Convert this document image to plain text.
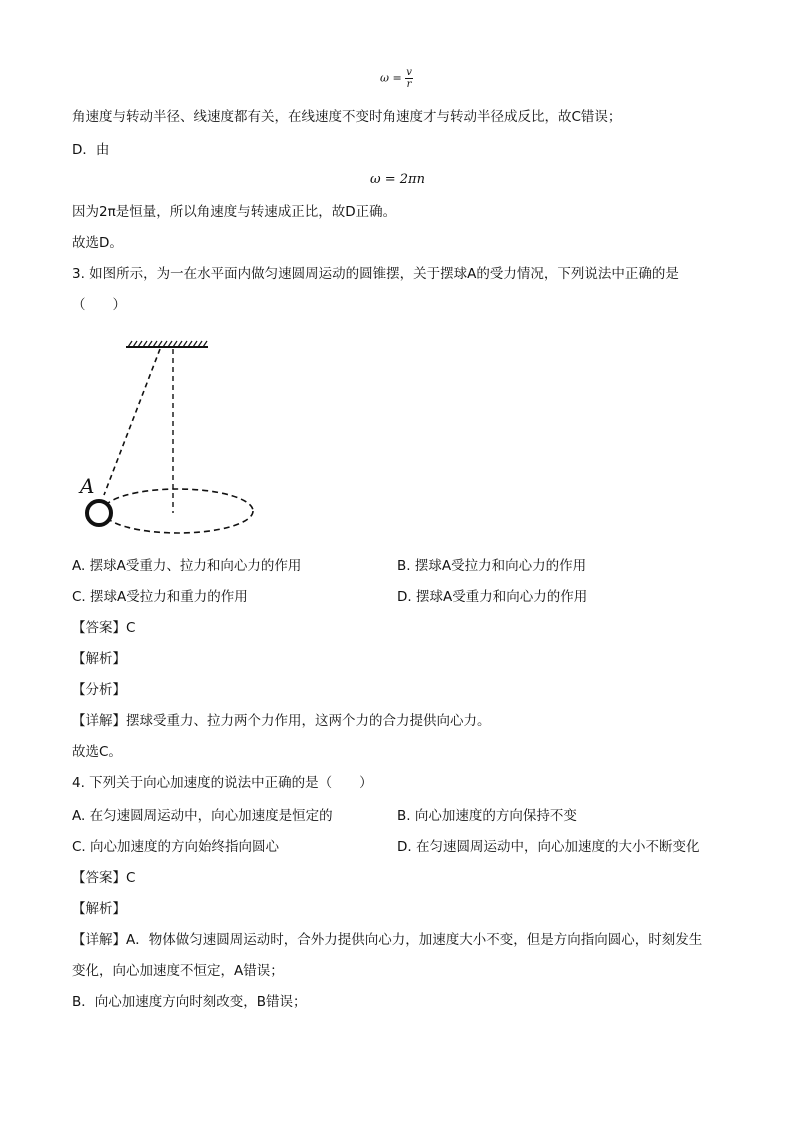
$\omega = \frac{v}{r}$
角速度与转动半径、线速度都有关，在线速度不变时角速度才与转动半径成反比，故C错误；
D．由
ω = 2πn
因为2π是恒量，所以角速度与转速成正比，故D正确。
故选D。
3. 如图所示，为一在水平面内做匀速圆周运动的圆锥摆，关于摆球A的受力情况，下列说法中正确的是
（　　）
A
A. 摆球A受重力、拉力和向心力的作用	B. 摆球A受拉力和向心力的作用
C. 摆球A受拉力和重力的作用	D. 摆球A受重力和向心力的作用
【答案】C
【解析】
【分析】
【详解】摆球受重力、拉力两个力作用，这两个力的合力提供向心力。
故选C。
4. 下列关于向心加速度的说法中正确的是（　　）
A. 在匀速圆周运动中，向心加速度是恒定的	B. 向心加速度的方向保持不变
C. 向心加速度的方向始终指向圆心	D. 在匀速圆周运动中，向心加速度的大小不断变化
【答案】C
【解析】
【详解】A．物体做匀速圆周运动时，合外力提供向心力，加速度大小不变，但是方向指向圆心，时刻发生
变化，向心加速度不恒定，A错误；
B．向心加速度方向时刻改变，B错误；
